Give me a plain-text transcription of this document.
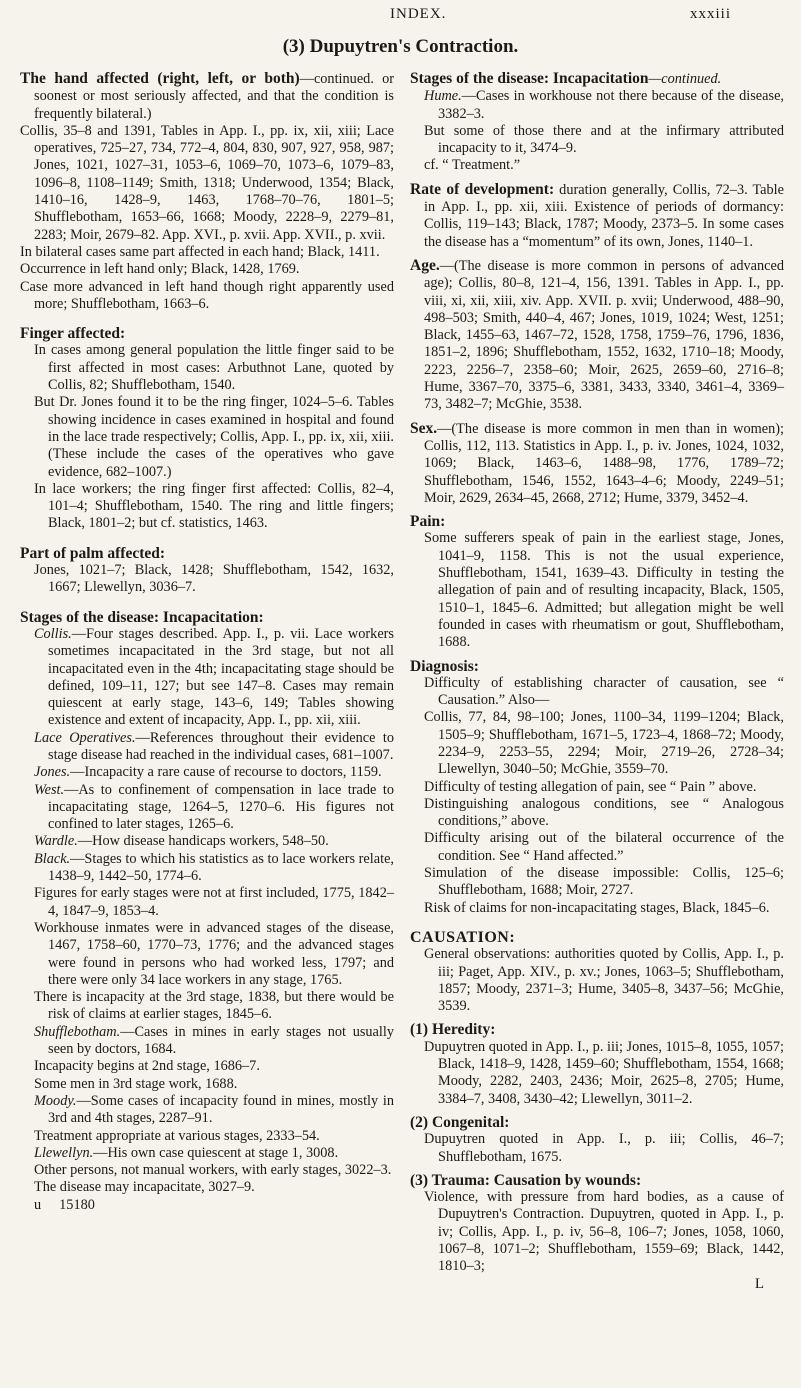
INDEX.	xxxiii
(3) Dupuytren's Contraction.

The hand affected (right, left, or both)—continued. or soonest or most seriously affected, and that the condition is frequently bilateral.)

Collis, 35–8 and 1391, Tables in App. I., pp. ix, xii, xiii; Lace operatives, 725–27, 734, 772–4, 804, 830, 907, 927, 958, 987; Jones, 1021, 1027–31, 1053–6, 1069–70, 1073–6, 1079–83, 1096–8, 1108–1149; Smith, 1318; Underwood, 1354; Black, 1410–16, 1428–9, 1463, 1768–70–76, 1801–5; Shufflebotham, 1653–66, 1668; Moody, 2228–9, 2279–81, 2283; Moir, 2679–82. App. XVI., p. xvii. App. XVII., p. xvii.

In bilateral cases same part affected in each hand; Black, 1411.

Occurrence in left hand only; Black, 1428, 1769.

Case more advanced in left hand though right apparently used more; Shufflebotham, 1663–6.

Finger affected:

In cases among general population the little finger said to be first affected in most cases: Arbuthnot Lane, quoted by Collis, 82; Shufflebotham, 1540.

But Dr. Jones found it to be the ring finger, 1024–5–6. Tables showing incidence in cases examined in hospital and found in the lace trade respectively; Collis, App. I., pp. ix, xii, xiii. (These include the cases of the operatives who gave evidence, 682–1007.)

In lace workers; the ring finger first affected: Collis, 82–4, 101–4; Shufflebotham, 1540. The ring and little fingers; Black, 1801–2; but cf. statistics, 1463.

Part of palm affected:

Jones, 1021–7; Black, 1428; Shufflebotham, 1542, 1632, 1667; Llewellyn, 3036–7.

Stages of the disease: Incapacitation:

Collis.—Four stages described. App. I., p. vii. Lace workers sometimes incapacitated in the 3rd stage, but not all incapacitated even in the 4th; incapacitating stage should be defined, 109–11, 127; but see 147–8. Cases may remain quiescent at early stage, 143–6, 149; Tables showing existence and extent of incapacity, App. I., pp. xii, xiii.

Lace Operatives.—References throughout their evidence to stage disease had reached in the individual cases, 681–1007.

Jones.—Incapacity a rare cause of recourse to doctors, 1159.

West.—As to confinement of compensation in lace trade to incapacitating stage, 1264–5, 1270–6. His figures not confined to later stages, 1265–6.

Wardle.—How disease handicaps workers, 548–50.

Black.—Stages to which his statistics as to lace workers relate, 1438–9, 1442–50, 1774–6.

Figures for early stages were not at first included, 1775, 1842–4, 1847–9, 1853–4.

Workhouse inmates were in advanced stages of the disease, 1467, 1758–60, 1770–73, 1776; and the advanced stages were found in persons who had worked less, 1797; and there were only 34 lace workers in any stage, 1765.

There is incapacity at the 3rd stage, 1838, but there would be risk of claims at earlier stages, 1845–6.

Shufflebotham.—Cases in mines in early stages not usually seen by doctors, 1684.

Incapacity begins at 2nd stage, 1686–7.

Some men in 3rd stage work, 1688.

Moody.—Some cases of incapacity found in mines, mostly in 3rd and 4th stages, 2287–91.

Treatment appropriate at various stages, 2333–54.

Llewellyn.—His own case quiescent at stage 1, 3008.

Other persons, not manual workers, with early stages, 3022–3.

The disease may incapacitate, 3027–9.

u 15180

Stages of the disease: Incapacitation—continued.

Hume.—Cases in workhouse not there because of the disease, 3382–3.

But some of those there and at the infirmary attributed incapacity to it, 3474–9.

cf. “ Treatment.”

Rate of development: duration generally, Collis, 72–3. Table in App. I., pp. xii, xiii. Existence of periods of dormancy: Collis, 119–143; Black, 1787; Moody, 2373–5. In some cases the disease has a “momentum” of its own, Jones, 1140–1.

Age.—(The disease is more common in persons of advanced age); Collis, 80–8, 121–4, 156, 1391. Tables in App. I., pp. viii, xi, xii, xiii, xiv. App. XVII. p. xvii; Underwood, 488–90, 498–503; Smith, 440–4, 467; Jones, 1019, 1024; West, 1251; Black, 1455–63, 1467–72, 1528, 1758, 1759–76, 1796, 1836, 1851–2, 1896; Shufflebotham, 1552, 1632, 1710–18; Moody, 2223, 2256–7, 2358–60; Moir, 2625, 2659–60, 2716–8; Hume, 3367–70, 3375–6, 3381, 3433, 3340, 3461–4, 3369–73, 3482–7; McGhie, 3538.

Sex.—(The disease is more common in men than in women); Collis, 112, 113. Statistics in App. I., p. iv. Jones, 1024, 1032, 1069; Black, 1463–6, 1488–98, 1776, 1789–72; Shufflebotham, 1546, 1552, 1643–4–6; Moody, 2249–51; Moir, 2629, 2634–45, 2668, 2712; Hume, 3379, 3452–4.

Pain:

Some sufferers speak of pain in the earliest stage, Jones, 1041–9, 1158. This is not the usual experience, Shufflebotham, 1541, 1639–43. Difficulty in testing the allegation of pain and of resulting incapacity, Black, 1505, 1510–1, 1845–6. Admitted; but allegation might be well founded in cases with rheumatism or gout, Shufflebotham, 1688.

Diagnosis:

Difficulty of establishing character of causation, see “ Causation.” Also—

Collis, 77, 84, 98–100; Jones, 1100–34, 1199–1204; Black, 1505–9; Shufflebotham, 1671–5, 1723–4, 1868–72; Moody, 2234–9, 2253–55, 2294; Moir, 2719–26, 2728–34; Llewellyn, 3040–50; McGhie, 3559–70.

Difficulty of testing allegation of pain, see “ Pain ” above.

Distinguishing analogous conditions, see “ Analogous conditions,” above.

Difficulty arising out of the bilateral occurrence of the condition. See “ Hand affected.”

Simulation of the disease impossible: Collis, 125–6; Shufflebotham, 1688; Moir, 2727.

Risk of claims for non-incapacitating stages, Black, 1845–6.

CAUSATION:

General observations: authorities quoted by Collis, App. I., p. iii; Paget, App. XIV., p. xv.; Jones, 1063–5; Shufflebotham, 1857; Moody, 2371–3; Hume, 3405–8, 3437–56; McGhie, 3539.

(1) Heredity:

Dupuytren quoted in App. I., p. iii; Jones, 1015–8, 1055, 1057; Black, 1418–9, 1428, 1459–60; Shufflebotham, 1554, 1668; Moody, 2282, 2403, 2436; Moir, 2625–8, 2705; Hume, 3384–7, 3408, 3430–42; Llewellyn, 3011–2.

(2) Congenital:

Dupuytren quoted in App. I., p. iii; Collis, 46–7; Shufflebotham, 1675.

(3) Trauma: Causation by wounds:

Violence, with pressure from hard bodies, as a cause of Dupuytren's Contraction. Dupuytren, quoted in App. I., p. iv; Collis, App. I., p. iv, 56–8, 106–7; Jones, 1058, 1060, 1067–8, 1071–2; Shufflebotham, 1559–69; Black, 1442, 1810–3;

L
